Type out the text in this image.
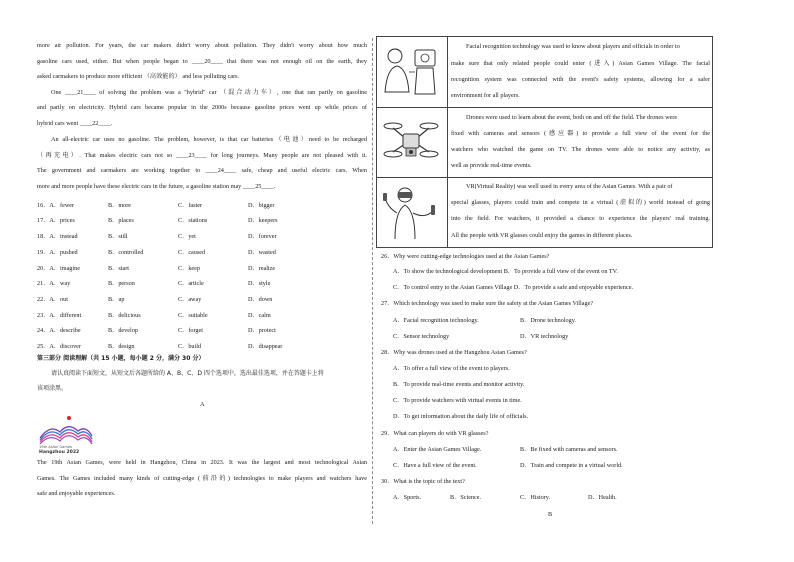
more air pollution. For years, the car makers didn't worry about pollution. They didn't worry about how much
gasoline cars used, either. But when people began to ____20____ that there was not enough oil on the earth, they
asked carmakers to produce more efficient （高效能的） and less polluting cars.
One ____21____ of solving the problem was a "hybrid" car （混合动力车）, one that ran partly on gasoline
and partly on electricity. Hybrid cars became popular in the 2000s because gasoline prices went up while prices of
hybrid cars went ____22____.
An all-electric car uses no gasoline. The problem, however, is that car batteries（电池）need to be recharged
（再充电）. That makes electric cars not so ____23____ for long journeys. Many people are not pleased with it.
The government and carmakers are working together to ____24____ safe, cheap and useful electric cars. When
more and more people have these electric cars in the future, a gasoline station may ____25____.
16．A．fewer	B．more	C．faster	D．bigger
17．A．prices	B．places	C．stations	D．keepers
18．A．instead	B．still	C．yet	D．forever
19．A．pushed	B．controlled	C．caused	D．wasted
20．A．imagine	B．start	C．keep	D．realize
21．A．way	B．person	C．article	D．style
22．A．out	B．up	C．away	D．down
23．A．different	B．delicious	C．suitable	D．calm
24．A．describe	B．develop	C．forget	D．protect
25．A．discover	B．design	C．build	D．disappear
第三部分 阅读理解（共 15 小题，每小题 2 分，满分 30 分）
请认真阅读下面短文，从短文后各题所给的 A、B、C、D 四个选项中，选出最佳选项，并在答题卡上将
该项涂黑。
A
19th Asian Games
Hangzhou 2022
The 19th Asian Games, were held in Hangzhou, China in 2023. It was the largest and most technological Asian
Games. The Games included many kinds of cutting-edge (前沿的) technologies to make players and watchers have
safe and enjoyable experiences.
Facial recognition technology was used to know about players and officials in order to
make sure that only related people could enter (进入) Asian Games Village. The facial
recognition system was connected with the event's safety systems, allowing for a safer
environment for all players.
Drones were used to learn about the event, both on and off the field. The drones were
fixed with cameras and sensors (感应器) to provide a full view of the event for the
watchers who watched the game on TV. The drones were able to notice any activity, as
well as provide real-time events.
VR(Virtual Reality) was well used in every area of the Asian Games. With a pair of
special glasses, players could train and compete in a virtual (虚拟的) world instead of going
into the field. For watchers, it provided a chance to experience the players' real training.
All the people with VR glasses could enjoy the games in different places.
26．Why were cutting-edge technologies used at the Asian Games?
A．To show the technological development B．To provide a full view of the event on TV.
C．To control entry to the Asian Games Village D．To provide a safe and enjoyable experience.
27．Which technology was used to make sure the safety at the Asian Games Village?
A．Facial recognition technology.	B．Drone technology.
C．Sensor technology	D．VR technology
28．Why was drones used at the Hangzhou Asian Games?
A．To offer a full view of the event to players.
B．To provide real-time events and monitor activity.
C．To provide watchers with virtual events in time.
D．To get information about the daily life of officials.
29．What can players do with VR glasses?
A．Enter the Asian Games Village.	B．Be fixed with cameras and sensors.
C．Have a full view of the event.	D．Train and compete in a virtual world.
30．What is the topic of the text?
A．Sports.	B．Science.	C．History.	D．Health.
B
